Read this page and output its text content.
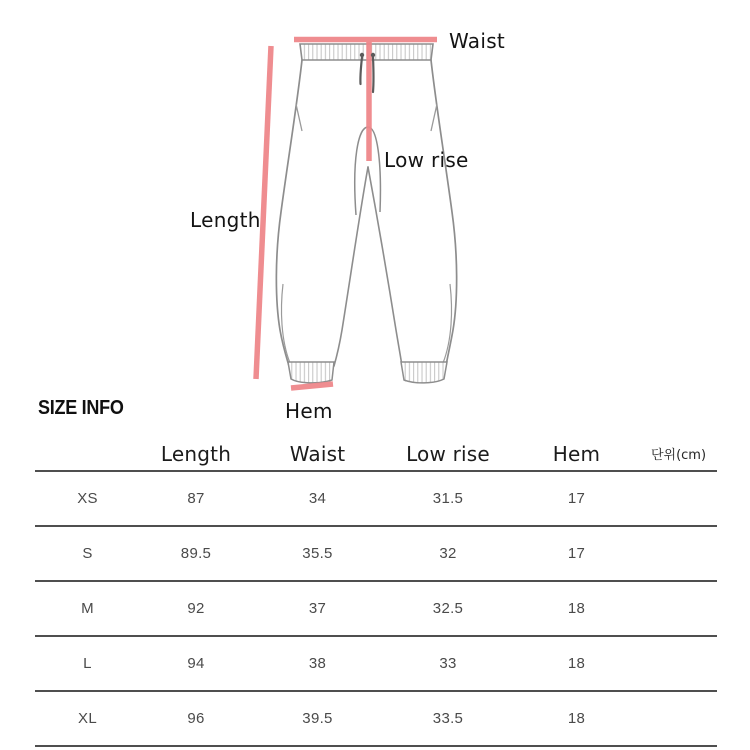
Waist
Low rise
Length
Hem
SIZE INFO
	Length	Waist	Low rise	Hem	단위(cm)
XS	87	34	31.5	17	
S	89.5	35.5	32	17	
M	92	37	32.5	18	
L	94	38	33	18	
XL	96	39.5	33.5	18	
